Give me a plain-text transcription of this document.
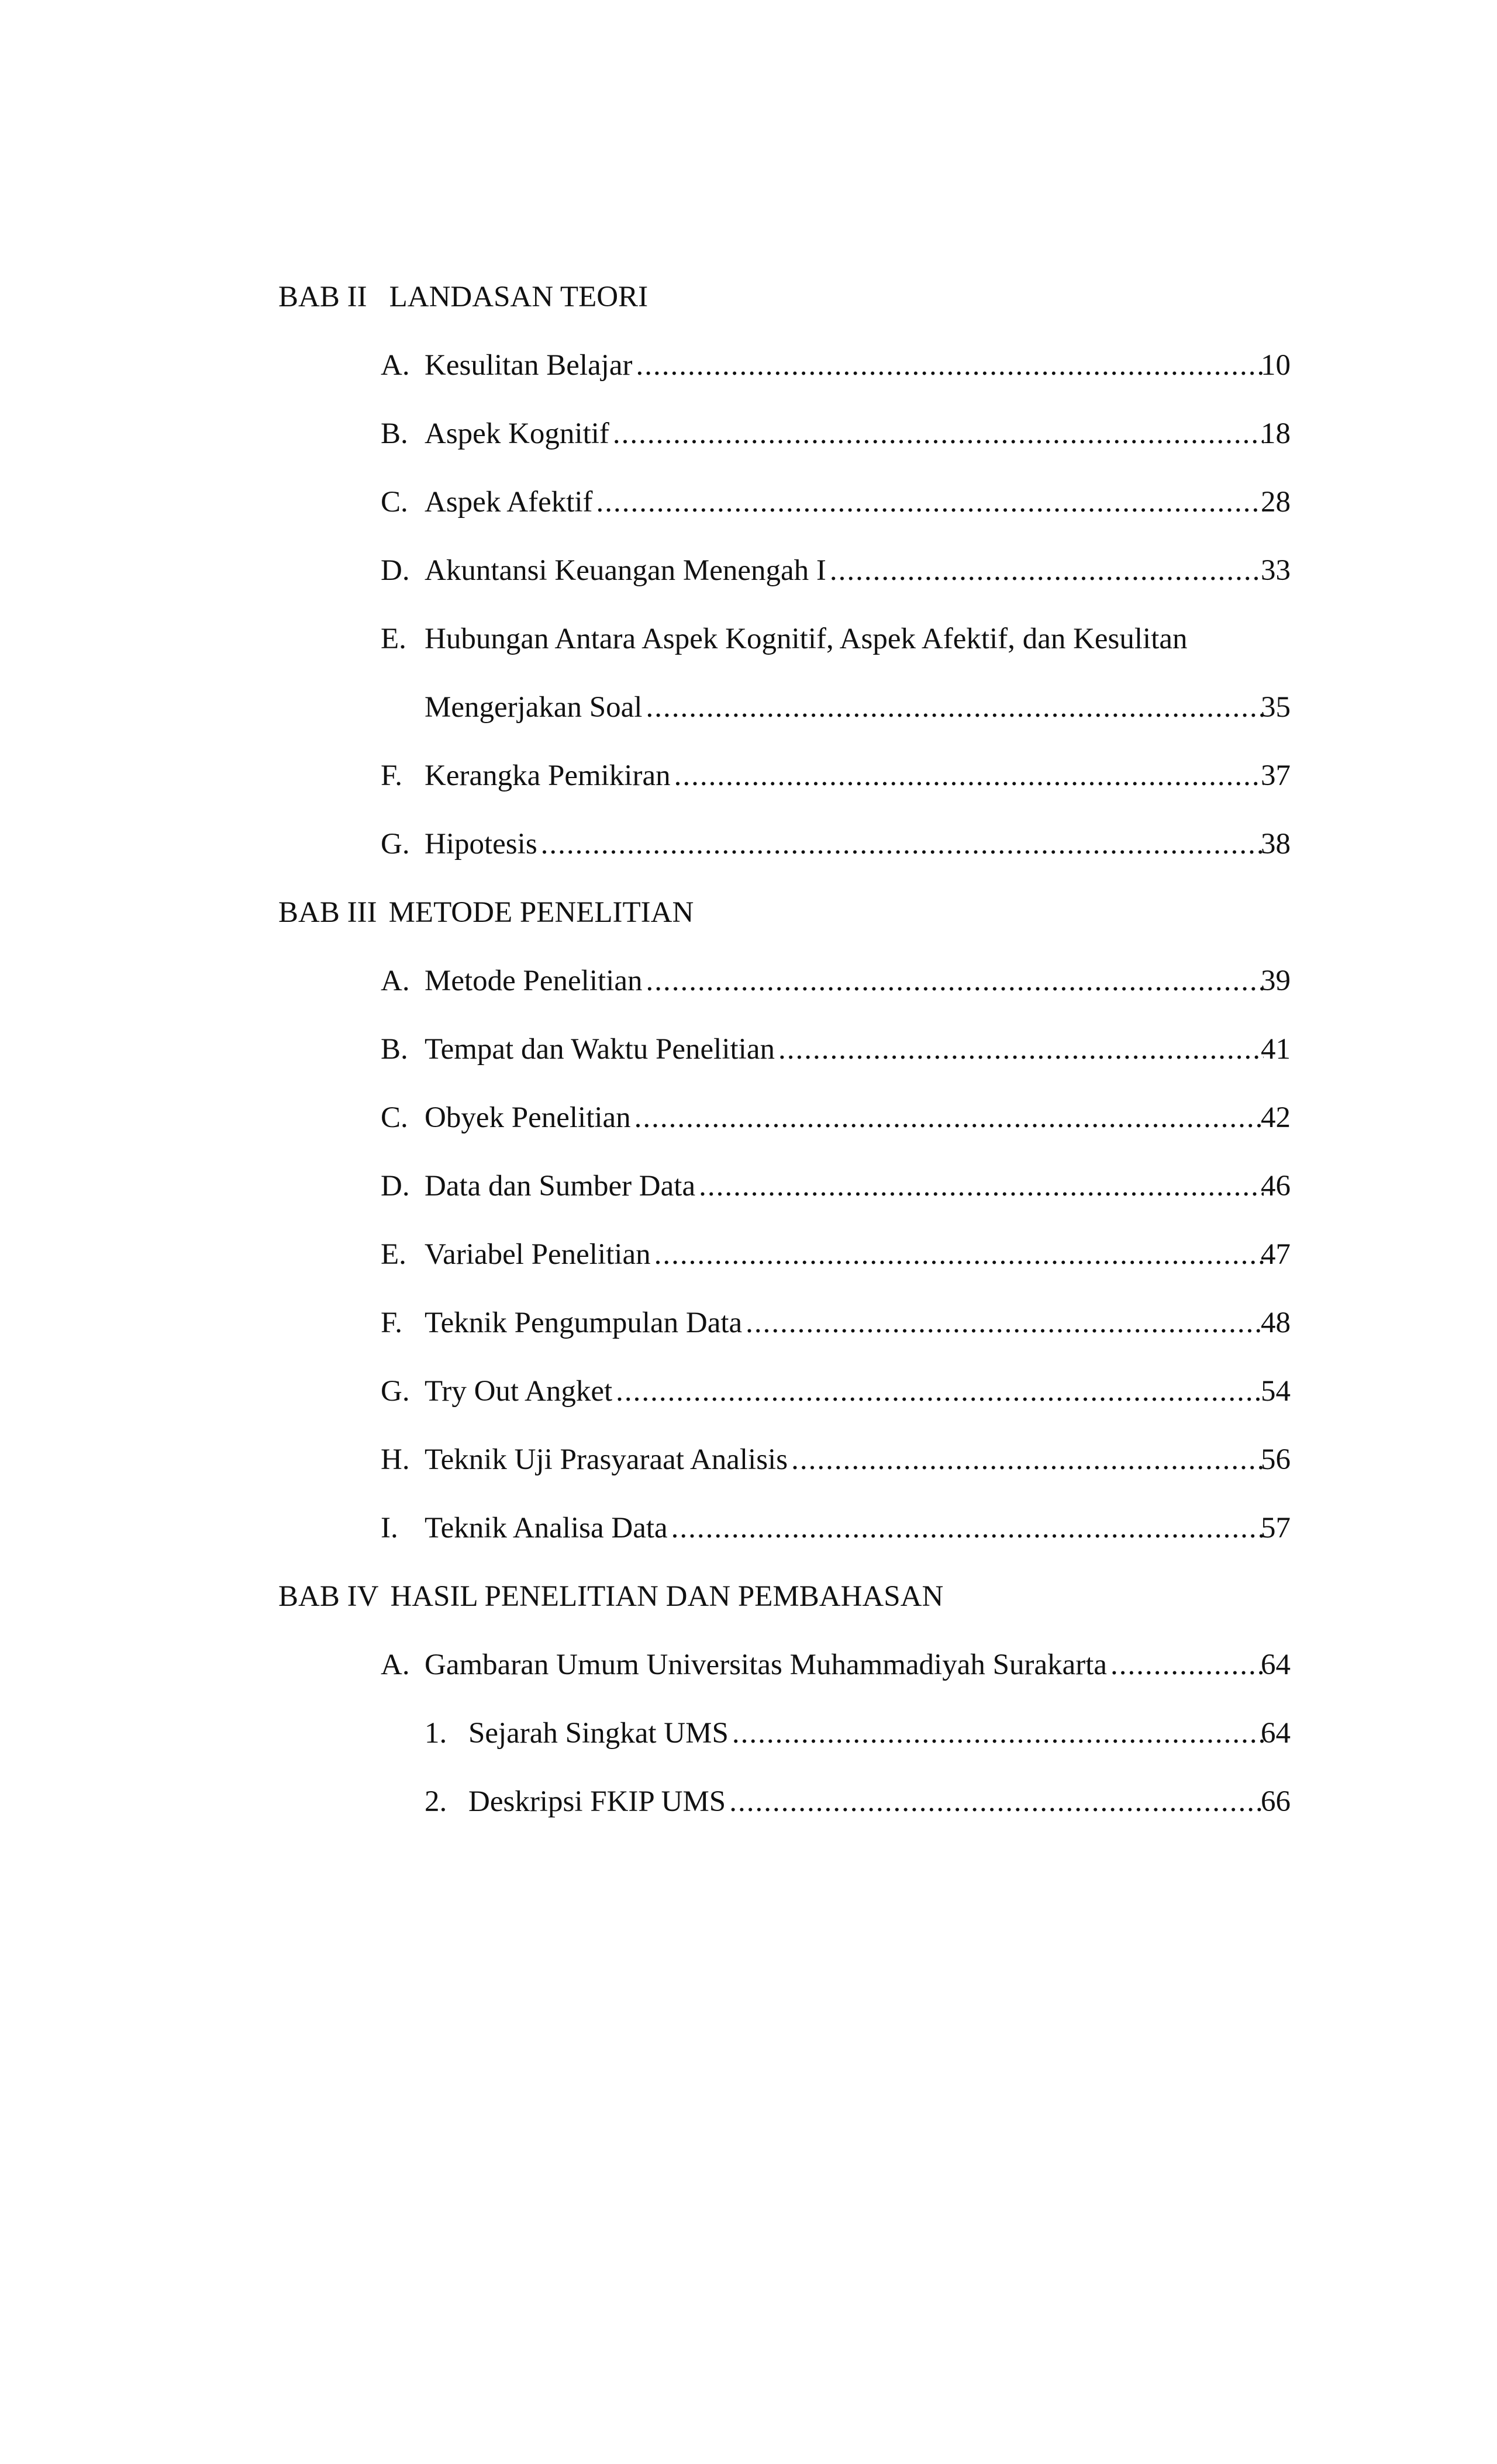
BAB II LANDASAN TEORI
A. Kesulitan Belajar .....	10
B. Aspek Kognitif .....	18
C. Aspek Afektif .....	28
D. Akuntansi Keuangan Menengah I .....	33
E. Hubungan Antara Aspek Kognitif, Aspek Afektif, dan Kesulitan
Mengerjakan Soal .....	35
F. Kerangka Pemikiran .....	37
G. Hipotesis .....	38
BAB III METODE PENELITIAN
A. Metode Penelitian .....	39
B. Tempat dan Waktu Penelitian .....	41
C. Obyek Penelitian .....	42
D. Data dan Sumber Data .....	46
E. Variabel Penelitian .....	47
F. Teknik Pengumpulan Data .....	48
G. Try Out Angket .....	54
H. Teknik Uji Prasyaraat Analisis .....	56
I. Teknik Analisa Data .....	57
BAB IV HASIL PENELITIAN DAN PEMBAHASAN
A. Gambaran Umum Universitas Muhammadiyah Surakarta .....	64
1. Sejarah Singkat UMS .....	64
2. Deskripsi FKIP UMS .....	66
